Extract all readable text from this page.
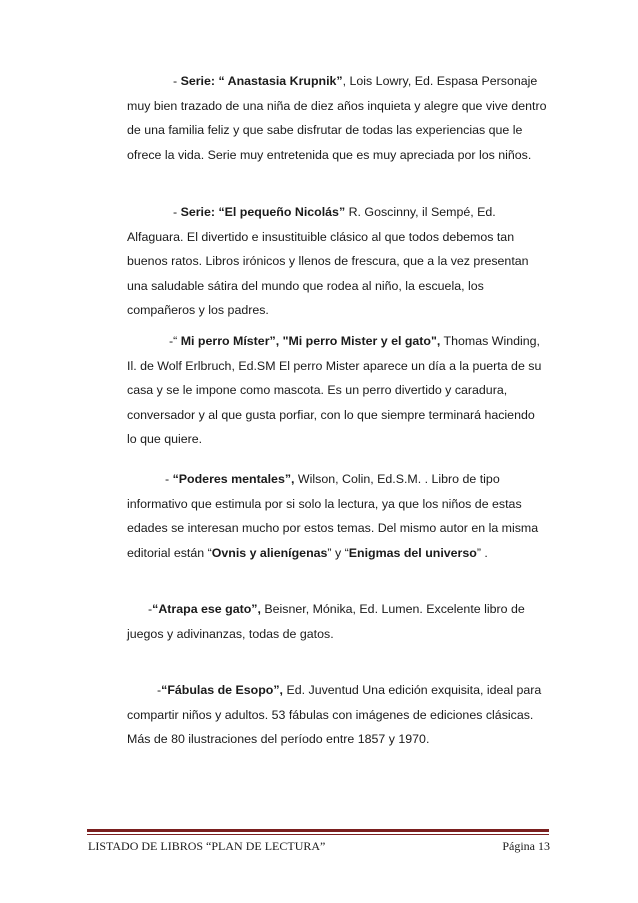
- Serie: “ Anastasia Krupnik”, Lois Lowry, Ed. Espasa Personaje muy bien trazado de una niña de diez años inquieta y alegre que vive dentro de una familia feliz y que sabe disfrutar de todas las experiencias que le ofrece la vida. Serie muy entretenida que es muy apreciada por los niños.

- Serie: “El pequeño Nicolás” R. Goscinny, il Sempé, Ed. Alfaguara. El divertido e insustituible clásico al que todos debemos tan buenos ratos. Libros irónicos y llenos de frescura, que a la vez presentan una saludable sátira del mundo que rodea al niño, la escuela, los compañeros y los padres.

-“ Mi perro Míster”, "Mi perro Mister y el gato", Thomas Winding, Il. de Wolf Erlbruch, Ed.SM El perro Mister aparece un día a la puerta de su casa y se le impone como mascota. Es un perro divertido y caradura, conversador y al que gusta porfiar, con lo que siempre terminará haciendo lo que quiere.

- “Poderes mentales”, Wilson, Colin, Ed.S.M. . Libro de tipo informativo que estimula por si solo la lectura, ya que los niños de estas edades se interesan mucho por estos temas. Del mismo autor en la misma editorial están “Ovnis y alienígenas” y “Enigmas del universo” .

-“Atrapa ese gato”, Beisner, Mónika, Ed. Lumen. Excelente libro de juegos y adivinanzas, todas de gatos.

-“Fábulas de Esopo”, Ed. Juventud Una edición exquisita, ideal para compartir niños y adultos. 53 fábulas con imágenes de ediciones clásicas. Más de 80 ilustraciones del período entre 1857 y 1970.

LISTADO DE LIBROS “PLAN DE LECTURA”	Página 13
